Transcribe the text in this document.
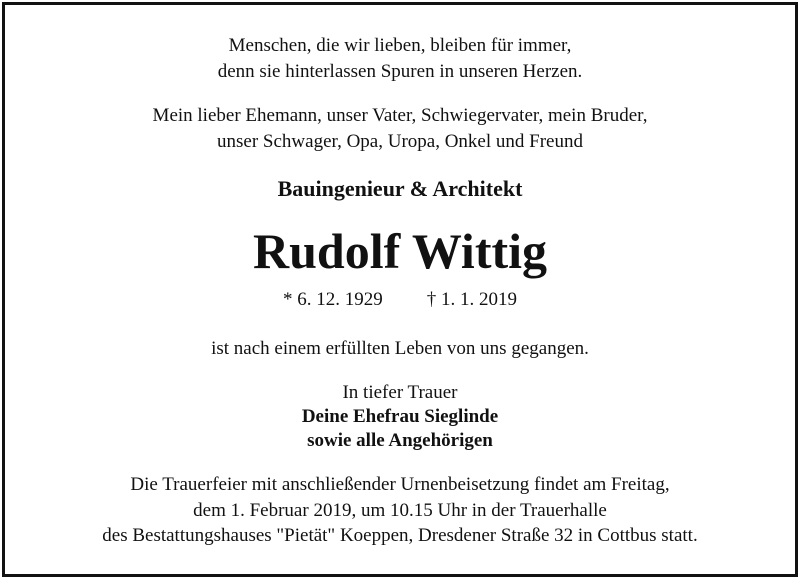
Menschen, die wir lieben, bleiben für immer,
denn sie hinterlassen Spuren in unseren Herzen.
Mein lieber Ehemann, unser Vater, Schwiegervater, mein Bruder,
unser Schwager, Opa, Uropa, Onkel und Freund
Bauingenieur & Architekt
Rudolf Wittig
* 6. 12. 1929 † 1. 1. 2019
ist nach einem erfüllten Leben von uns gegangen.
In tiefer Trauer
Deine Ehefrau Sieglinde
sowie alle Angehörigen
Die Trauerfeier mit anschließender Urnenbeisetzung findet am Freitag,
dem 1. Februar 2019, um 10.15 Uhr in der Trauerhalle
des Bestattungshauses "Pietät" Koeppen, Dresdener Straße 32 in Cottbus statt.
